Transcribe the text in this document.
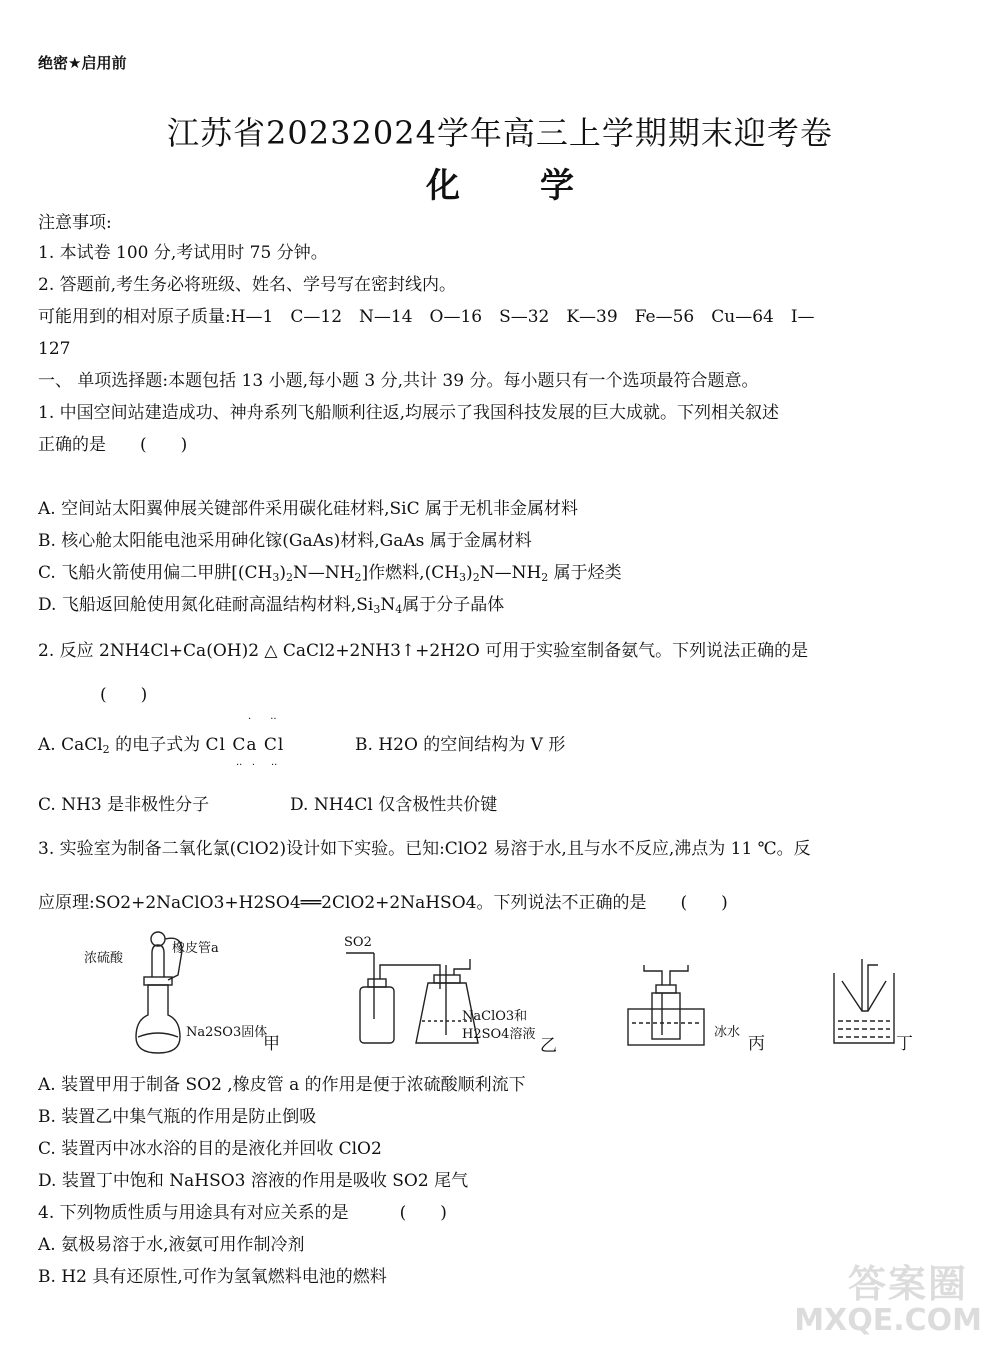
绝密★启用前
江苏省20232024学年高三上学期期末迎考卷
化学
注意事项:
1. 本试卷 100 分,考试用时 75 分钟。
2. 答题前,考生务必将班级、姓名、学号写在密封线内。
可能用到的相对原子质量:H—1　C—12　N—14　O—16　S—32　K—39　Fe—56　Cu—64　I—
127
一、 单项选择题:本题包括 13 小题,每小题 3 分,共计 39 分。每小题只有一个选项最符合题意。
1. 中国空间站建造成功、神舟系列飞船顺利往返,均展示了我国科技发展的巨大成就。下列相关叙述
正确的是　　(　　)
A. 空间站太阳翼伸展关键部件采用碳化硅材料,SiC 属于无机非金属材料
B. 核心舱太阳能电池采用砷化镓(GaAs)材料,GaAs 属于金属材料
C. 飞船火箭使用偏二甲肼$[(CH_3)_2N—NH_2]$作燃料$,(CH_3)_2N—NH_2$ 属于烃类
D. 飞船返回舱使用氮化硅耐高温结构材料$,Si_3N_4$属于分子晶体
2. 反应 2NH4Cl+Ca(OH)2 △ CaCl2+2NH3↑+2H2O 可用于实验室制备氨气。下列说法正确的是
(　　)
A. CaCl$_2$ 的电子式为 Cl Ca Cl
·      ··
··   ·     ··
B. H2O 的空间结构为 V 形
C. NH3 是非极性分子	D. NH4Cl 仅含极性共价键
3. 实验室为制备二氧化氯(ClO2)设计如下实验。已知:ClO2 易溶于水,且与水不反应,沸点为 11 ℃。反
应原理:SO2+2NaClO3+H2SO4══2ClO2+2NaHSO4。下列说法不正确的是　　(　　)
浓硫酸
橡皮管a
Na2SO3固体
甲
SO2
NaClO3和
H2SO4溶液
乙
冰水
丙	丁
A. 装置甲用于制备 SO2 ,橡皮管 a 的作用是便于浓硫酸顺利流下
B. 装置乙中集气瓶的作用是防止倒吸
C. 装置丙中冰水浴的目的是液化并回收 ClO2
D. 装置丁中饱和 NaHSO3 溶液的作用是吸收 SO2 尾气
4. 下列物质性质与用途具有对应关系的是　　　(　　)
A. 氨极易溶于水,液氨可用作制冷剂
B. H2 具有还原性,可作为氢氧燃料电池的燃料	答案圈
MXQE.COM
